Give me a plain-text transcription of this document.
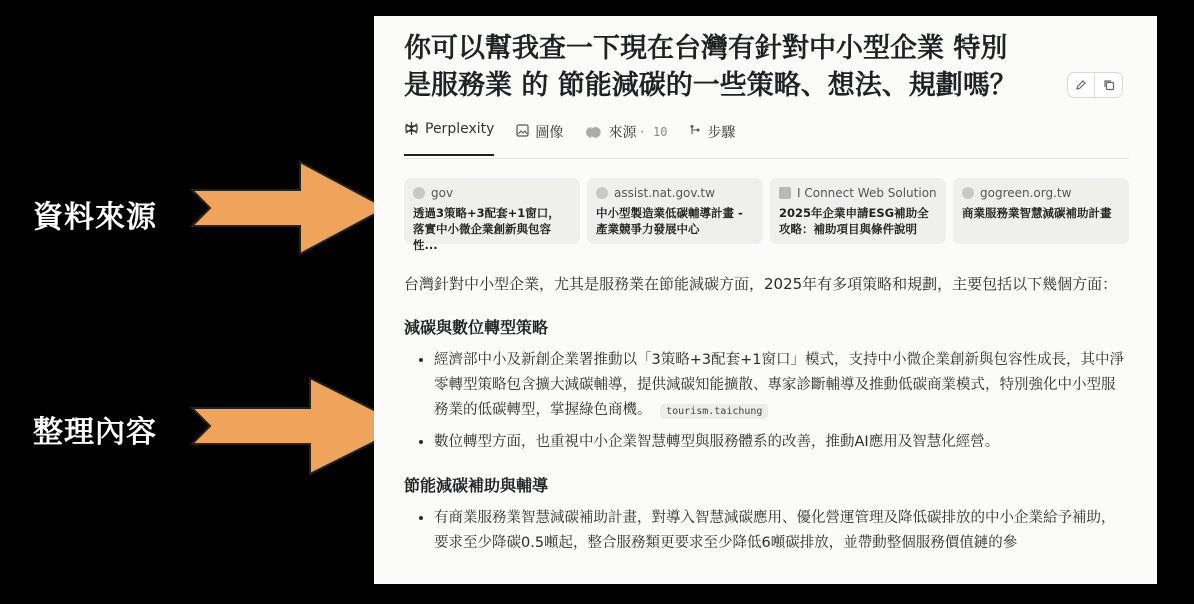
資料來源
整理內容
你可以幫我查一下現在台灣有針對中小型企業 特別
是服務業 的 節能減碳的一些策略、想法、規劃嗎？
Perplexity	圖像 ◖◖◗ 來源 · 10	步驟
gov
透過3策略+3配套+1窗口，落實中小微企業創新與包容性...
assist.nat.gov.tw
中小型製造業低碳輔導計畫 - 產業競爭力發展中心
I Connect Web Solution
2025年企業申請ESG補助全攻略：補助項目與條件說明
gogreen.org.tw
商業服務業智慧減碳補助計畫

台灣針對中小型企業，尤其是服務業在節能減碳方面，2025年有多項策略和規劃，主要包括以下幾個方面：

減碳與數位轉型策略
• 經濟部中小及新創企業署推動以「3策略+3配套+1窗口」模式，支持中小微企業創新與包容性成長，其中淨零轉型策略包含擴大減碳輔導，提供減碳知能擴散、專家診斷輔導及推動低碳商業模式，特別強化中小型服務業的低碳轉型，掌握綠色商機。 tourism.taichung
• 數位轉型方面，也重視中小企業智慧轉型與服務體系的改善，推動AI應用及智慧化經營。
節能減碳補助與輔導
• 有商業服務業智慧減碳補助計畫，對導入智慧減碳應用、優化營運管理及降低碳排放的中小企業給予補助，要求至少降碳0.5噸起，整合服務類更要求至少降低6噸碳排放，並帶動整個服務價值鏈的參
